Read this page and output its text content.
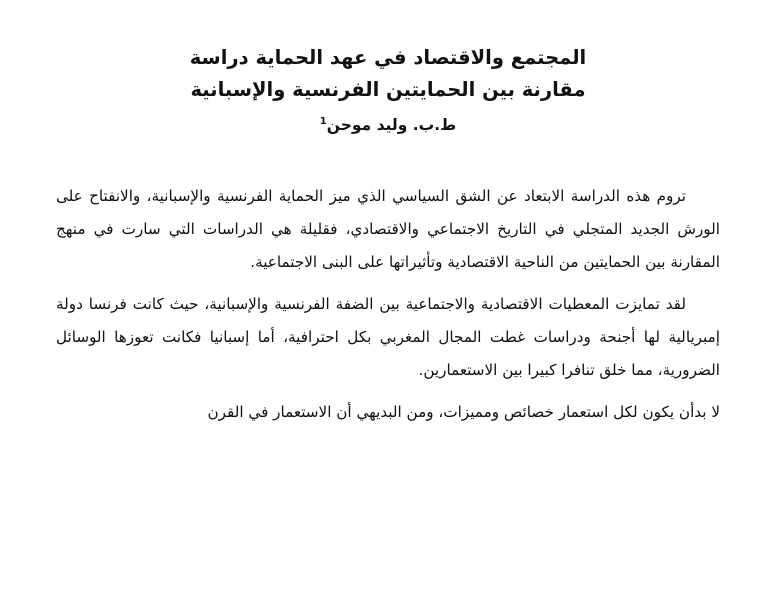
المجتمع والاقتصاد في عهد الحماية دراسة
مقارنة بين الحمايتين الفرنسية والإسبانية
ط.ب. وليد موحن$^1$

تروم هذه الدراسة الابتعاد عن الشق السياسي الذي ميز الحماية الفرنسية والإسبانية، والانفتاح على الورش الجديد المتجلي في التاريخ الاجتماعي والاقتصادي، فقليلة هي الدراسات التي سارت في منهج المقارنة بين الحمايتين من الناحية الاقتصادية وتأثيراتها على البنى الاجتماعية.

لقد تمايزت المعطيات الاقتصادية والاجتماعية بين الضفة الفرنسية والإسبانية، حيث كانت فرنسا دولة إمبريالية لها أجنحة ودراسات غطت المجال المغربي بكل احترافية، أما إسبانيا فكانت تعوزها الوسائل الضرورية، مما خلق تنافرا كبيرا بين الاستعمارين.

لا بدأن يكون لكل استعمار خصائص ومميزات، ومن البديهي أن الاستعمار في القرن
